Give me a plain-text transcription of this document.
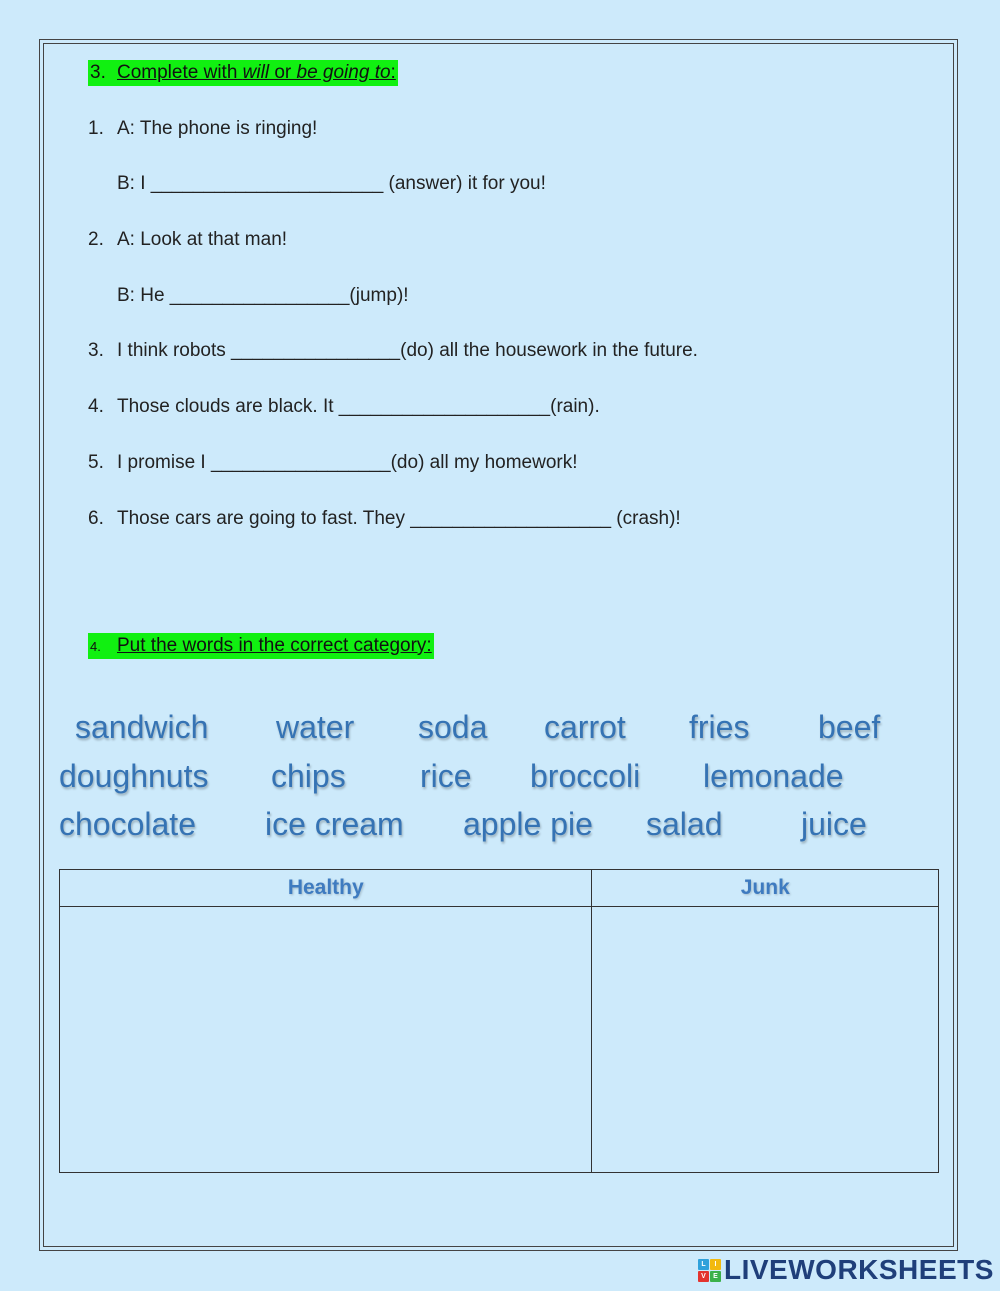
3. Complete with will or be going to:
1. A: The phone is ringing!
B: I ______________________ (answer) it for you!
2. A: Look at that man!
B: He _________________(jump)!
3. I think robots ________________(do) all the housework in the future.
4. Those clouds are black. It ____________________(rain).
5. I promise I _________________(do) all my homework!
6. Those cars are going to fast. They ___________________ (crash)!
4. Put the words in the correct category:
sandwich water soda carrot fries beef
doughnuts chips rice broccoli lemonade
chocolate ice cream apple pie salad juice
Healthy	Junk

L	I
V	E LIVEWORKSHEETS
